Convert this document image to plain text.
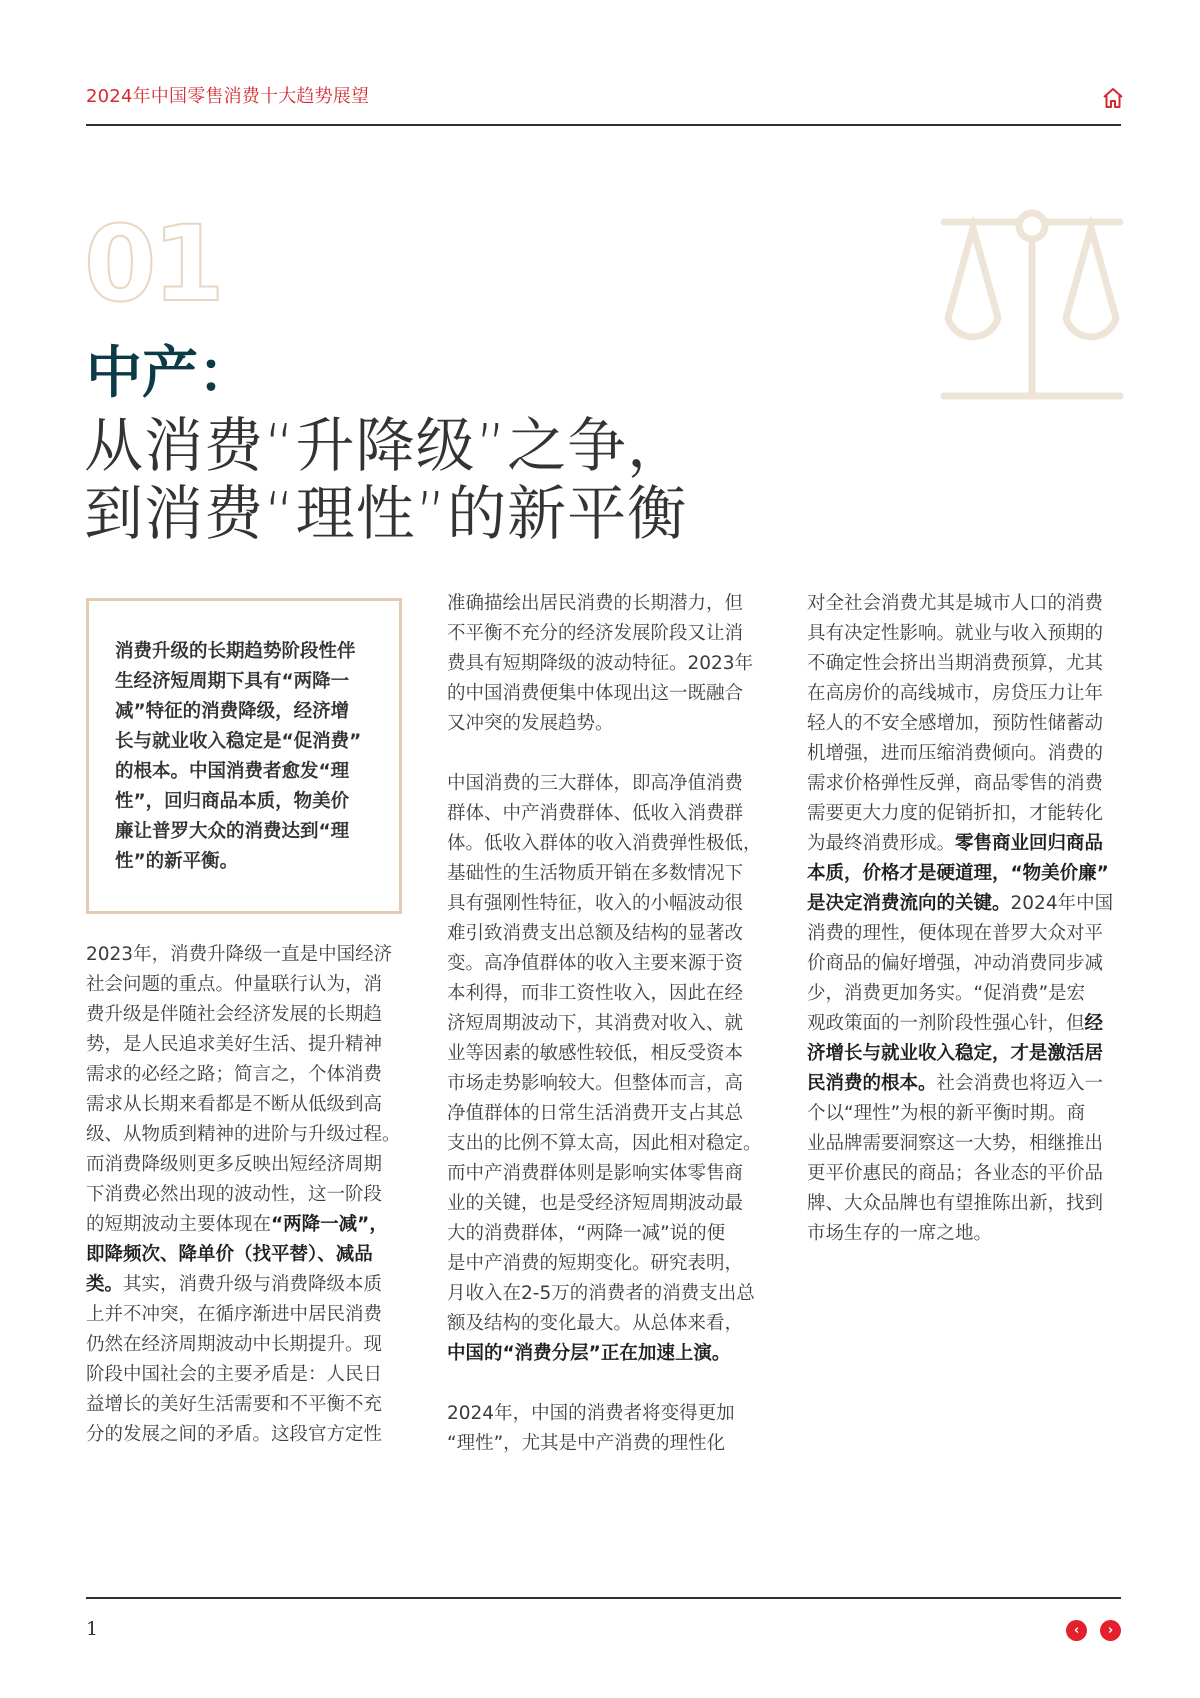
2024年中国零售消费十大趋势展望
01
中产：
从消费“升降级”之争，
到消费“理性”的新平衡
消费升级的长期趋势阶段性伴
生经济短周期下具有“两降一
减”特征的消费降级，经济增
长与就业收入稳定是“促消费”
的根本。中国消费者愈发“理
性”，回归商品本质，物美价
廉让普罗大众的消费达到“理
性”的新平衡。
2023年，消费升降级一直是中国经济
社会问题的重点。仲量联行认为，消
费升级是伴随社会经济发展的长期趋
势，是人民追求美好生活、提升精神
需求的必经之路；简言之，个体消费
需求从长期来看都是不断从低级到高
级、从物质到精神的进阶与升级过程。
而消费降级则更多反映出短经济周期
下消费必然出现的波动性，这一阶段
的短期波动主要体现在“两降一减”，
即降频次、降单价（找平替）、减品
类。其实，消费升级与消费降级本质
上并不冲突，在循序渐进中居民消费
仍然在经济周期波动中长期提升。现
阶段中国社会的主要矛盾是：人民日
益增长的美好生活需要和不平衡不充
分的发展之间的矛盾。这段官方定性
准确描绘出居民消费的长期潜力，但
不平衡不充分的经济发展阶段又让消
费具有短期降级的波动特征。2023年
的中国消费便集中体现出这一既融合
又冲突的发展趋势。
中国消费的三大群体，即高净值消费
群体、中产消费群体、低收入消费群
体。低收入群体的收入消费弹性极低，
基础性的生活物质开销在多数情况下
具有强刚性特征，收入的小幅波动很
难引致消费支出总额及结构的显著改
变。高净值群体的收入主要来源于资
本利得，而非工资性收入，因此在经
济短周期波动下，其消费对收入、就
业等因素的敏感性较低，相反受资本
市场走势影响较大。但整体而言，高
净值群体的日常生活消费开支占其总
支出的比例不算太高，因此相对稳定。
而中产消费群体则是影响实体零售商
业的关键，也是受经济短周期波动最
大的消费群体，“两降一减”说的便
是中产消费的短期变化。研究表明，
月收入在2-5万的消费者的消费支出总
额及结构的变化最大。从总体来看，
中国的“消费分层”正在加速上演。
2024年，中国的消费者将变得更加
“理性”，尤其是中产消费的理性化
对全社会消费尤其是城市人口的消费
具有决定性影响。就业与收入预期的
不确定性会挤出当期消费预算，尤其
在高房价的高线城市，房贷压力让年
轻人的不安全感增加，预防性储蓄动
机增强，进而压缩消费倾向。消费的
需求价格弹性反弹，商品零售的消费
需要更大力度的促销折扣，才能转化
为最终消费形成。零售商业回归商品
本质，价格才是硬道理，“物美价廉”
是决定消费流向的关键。2024年中国
消费的理性，便体现在普罗大众对平
价商品的偏好增强，冲动消费同步减
少，消费更加务实。“促消费”是宏
观政策面的一剂阶段性强心针，但经
济增长与就业收入稳定，才是激活居
民消费的根本。社会消费也将迈入一
个以“理性”为根的新平衡时期。商
业品牌需要洞察这一大势，相继推出
更平价惠民的商品；各业态的平价品
牌、大众品牌也有望推陈出新，找到
市场生存的一席之地。
1	‹	›
